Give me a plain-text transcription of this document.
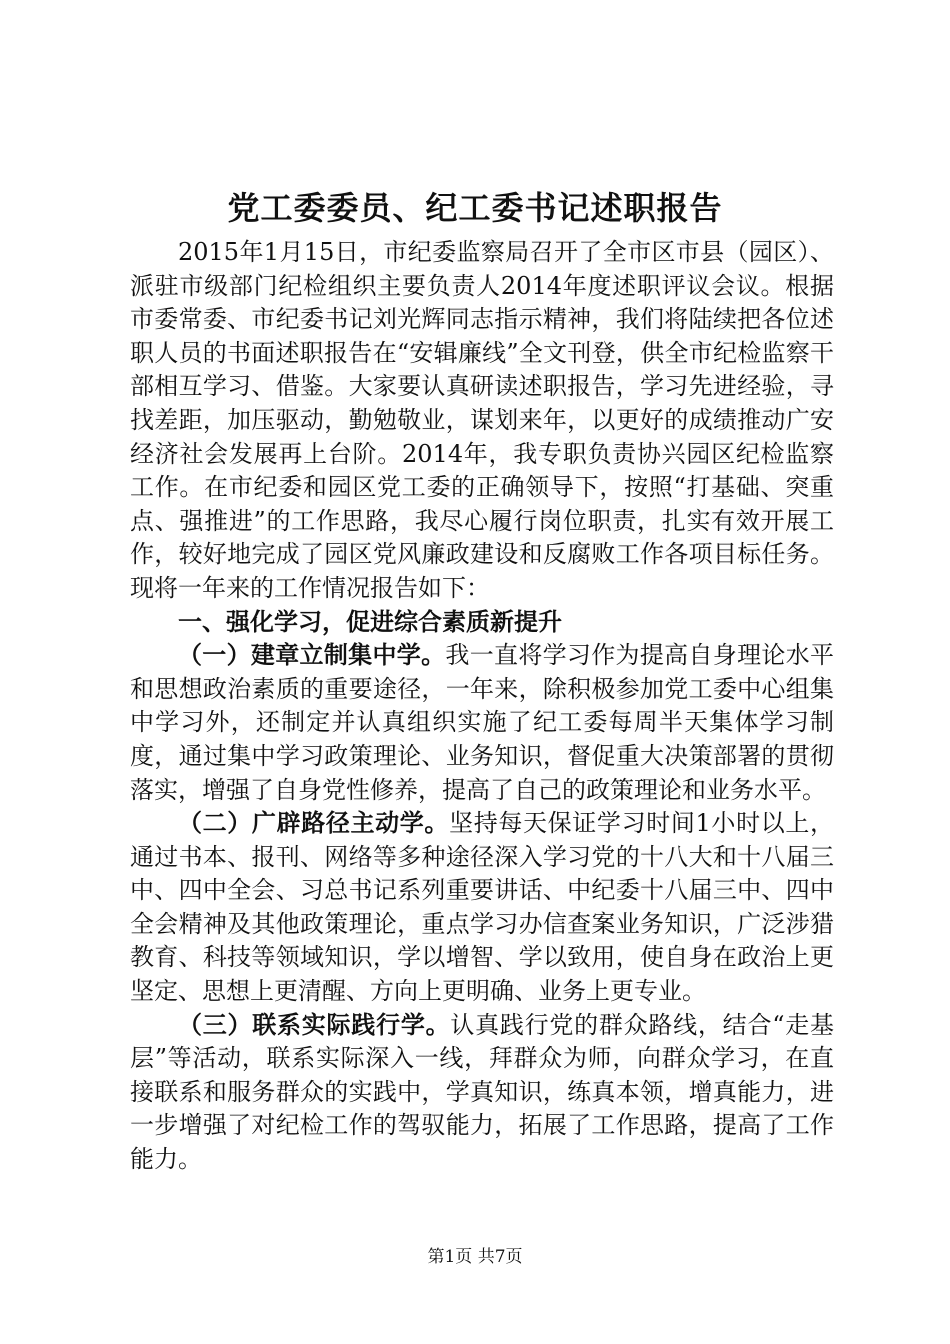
党工委委员、纪工委书记述职报告

2015年1月15日，市纪委监察局召开了全市区市县（园区）、派驻市级部门纪检组织主要负责人2014年度述职评议会议。根据市委常委、市纪委书记刘光辉同志指示精神，我们将陆续把各位述职人员的书面述职报告在“安辑廉线”全文刊登，供全市纪检监察干部相互学习、借鉴。大家要认真研读述职报告，学习先进经验，寻找差距，加压驱动，勤勉敬业，谋划来年，以更好的成绩推动广安经济社会发展再上台阶。2014年，我专职负责协兴园区纪检监察工作。在市纪委和园区党工委的正确领导下，按照“打基础、突重点、强推进”的工作思路，我尽心履行岗位职责，扎实有效开展工作，较好地完成了园区党风廉政建设和反腐败工作各项目标任务。现将一年来的工作情况报告如下：

一、强化学习，促进综合素质新提升

（一）建章立制集中学。我一直将学习作为提高自身理论水平和思想政治素质的重要途径，一年来，除积极参加党工委中心组集中学习外，还制定并认真组织实施了纪工委每周半天集体学习制度，通过集中学习政策理论、业务知识，督促重大决策部署的贯彻落实，增强了自身党性修养，提高了自己的政策理论和业务水平。

（二）广辟路径主动学。坚持每天保证学习时间1小时以上，通过书本、报刊、网络等多种途径深入学习党的十八大和十八届三中、四中全会、习总书记系列重要讲话、中纪委十八届三中、四中全会精神及其他政策理论，重点学习办信查案业务知识，广泛涉猎教育、科技等领域知识，学以增智、学以致用，使自身在政治上更坚定、思想上更清醒、方向上更明确、业务上更专业。

（三）联系实际践行学。认真践行党的群众路线，结合“走基层”等活动，联系实际深入一线，拜群众为师，向群众学习，在直接联系和服务群众的实践中，学真知识，练真本领，增真能力，进一步增强了对纪检工作的驾驭能力，拓展了工作思路，提高了工作能力。

第1页 共7页
